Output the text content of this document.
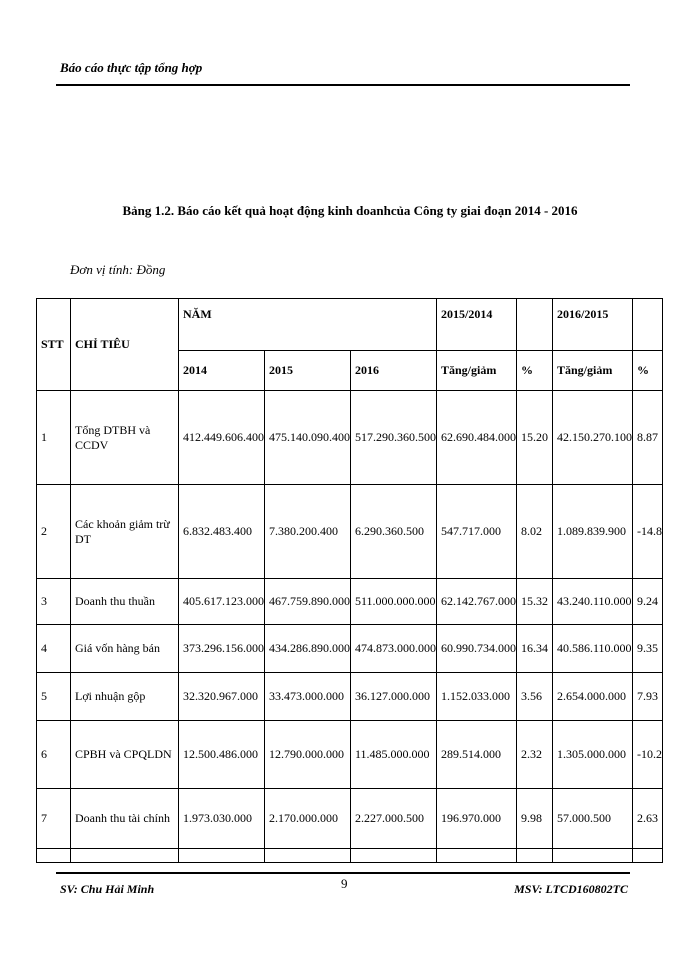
Báo cáo thực tập tổng hợp
Bảng 1.2. Báo cáo kết quả hoạt động kinh doanhcủa Công ty giai đoạn 2014 - 2016
Đơn vị tính: Đồng
STT	CHỈ TIÊU	NĂM			2015/2014		2016/2015	
		2014	2015	2016	Tăng/giảm	%	Tăng/giảm	%
1	Tổng DTBH và CCDV	412.449.606.400	475.140.090.400	517.290.360.500	62.690.484.000	15.20	42.150.270.100	8.87
2	Các khoản giảm trừ DT	6.832.483.400	7.380.200.400	6.290.360.500	547.717.000	8.02	1.089.839.900	-14.8
3	Doanh thu thuần	405.617.123.000	467.759.890.000	511.000.000.000	62.142.767.000	15.32	43.240.110.000	9.24
4	Giá vốn hàng bán	373.296.156.000	434.286.890.000	474.873.000.000	60.990.734.000	16.34	40.586.110.000	9.35
5	Lợi nhuận gộp	32.320.967.000	33.473.000.000	36.127.000.000	1.152.033.000	3.56	2.654.000.000	7.93
6	CPBH và CPQLDN	12.500.486.000	12.790.000.000	11.485.000.000	289.514.000	2.32	1.305.000.000	-10.2
7	Doanh thu tài chính	1.973.030.000	2.170.000.000	2.227.000.500	196.970.000	9.98	57.000.500	2.63

SV: Chu Hải Minh	9	MSV: LTCD160802TC
